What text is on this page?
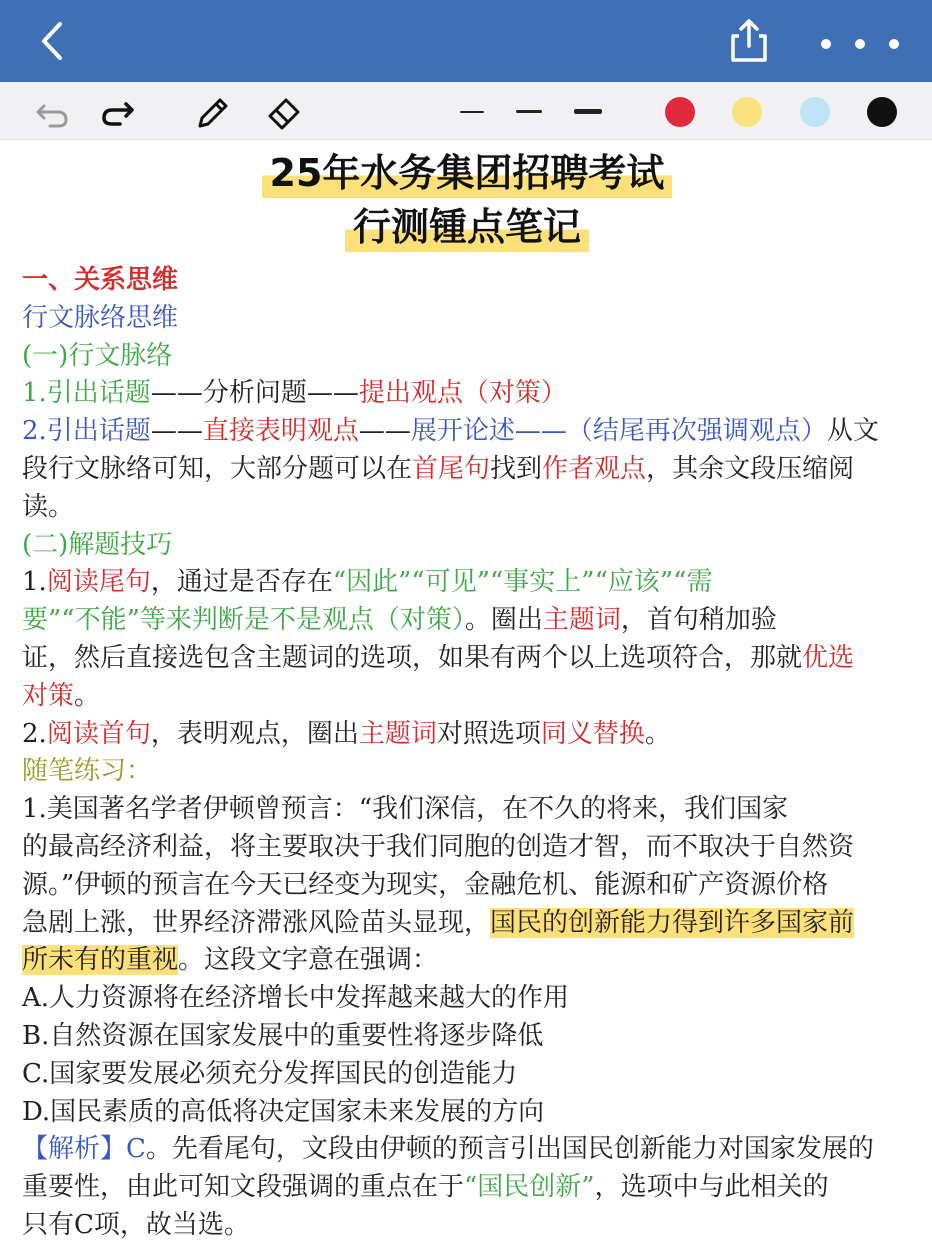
25年水务集团招聘考试
行测锺点笔记
一、关系思维
行文脉络思维
(一)行文脉络
1.引出话题——分析问题——提出观点（对策）
2.引出话题——直接表明观点——展开论述——（结尾再次强调观点）从文
段行文脉络可知，大部分题可以在首尾句找到作者观点，其余文段压缩阅
读。
(二)解题技巧
1.阅读尾句，通过是否存在“因此”“可见”“事实上”“应该”“需
要”“不能”等来判断是不是观点（对策）。圈出主题词，首句稍加验
证，然后直接选包含主题词的选项，如果有两个以上选项符合，那就优选
对策。
2.阅读首句，表明观点，圈出主题词对照选项同义替换。
随笔练习：
1.美国著名学者伊顿曾预言：“我们深信，在不久的将来，我们国家
的最高经济利益，将主要取决于我们同胞的创造才智，而不取决于自然资
源。”伊顿的预言在今天已经变为现实，金融危机、能源和矿产资源价格
急剧上涨，世界经济滞涨风险苗头显现，国民的创新能力得到许多国家前
所未有的重视。这段文字意在强调：
A.人力资源将在经济增长中发挥越来越大的作用
B.自然资源在国家发展中的重要性将逐步降低
C.国家要发展必须充分发挥国民的创造能力
D.国民素质的高低将决定国家未来发展的方向
【解析】C。先看尾句，文段由伊顿的预言引出国民创新能力对国家发展的
重要性，由此可知文段强调的重点在于“国民创新”，选项中与此相关的
只有C项，故当选。
